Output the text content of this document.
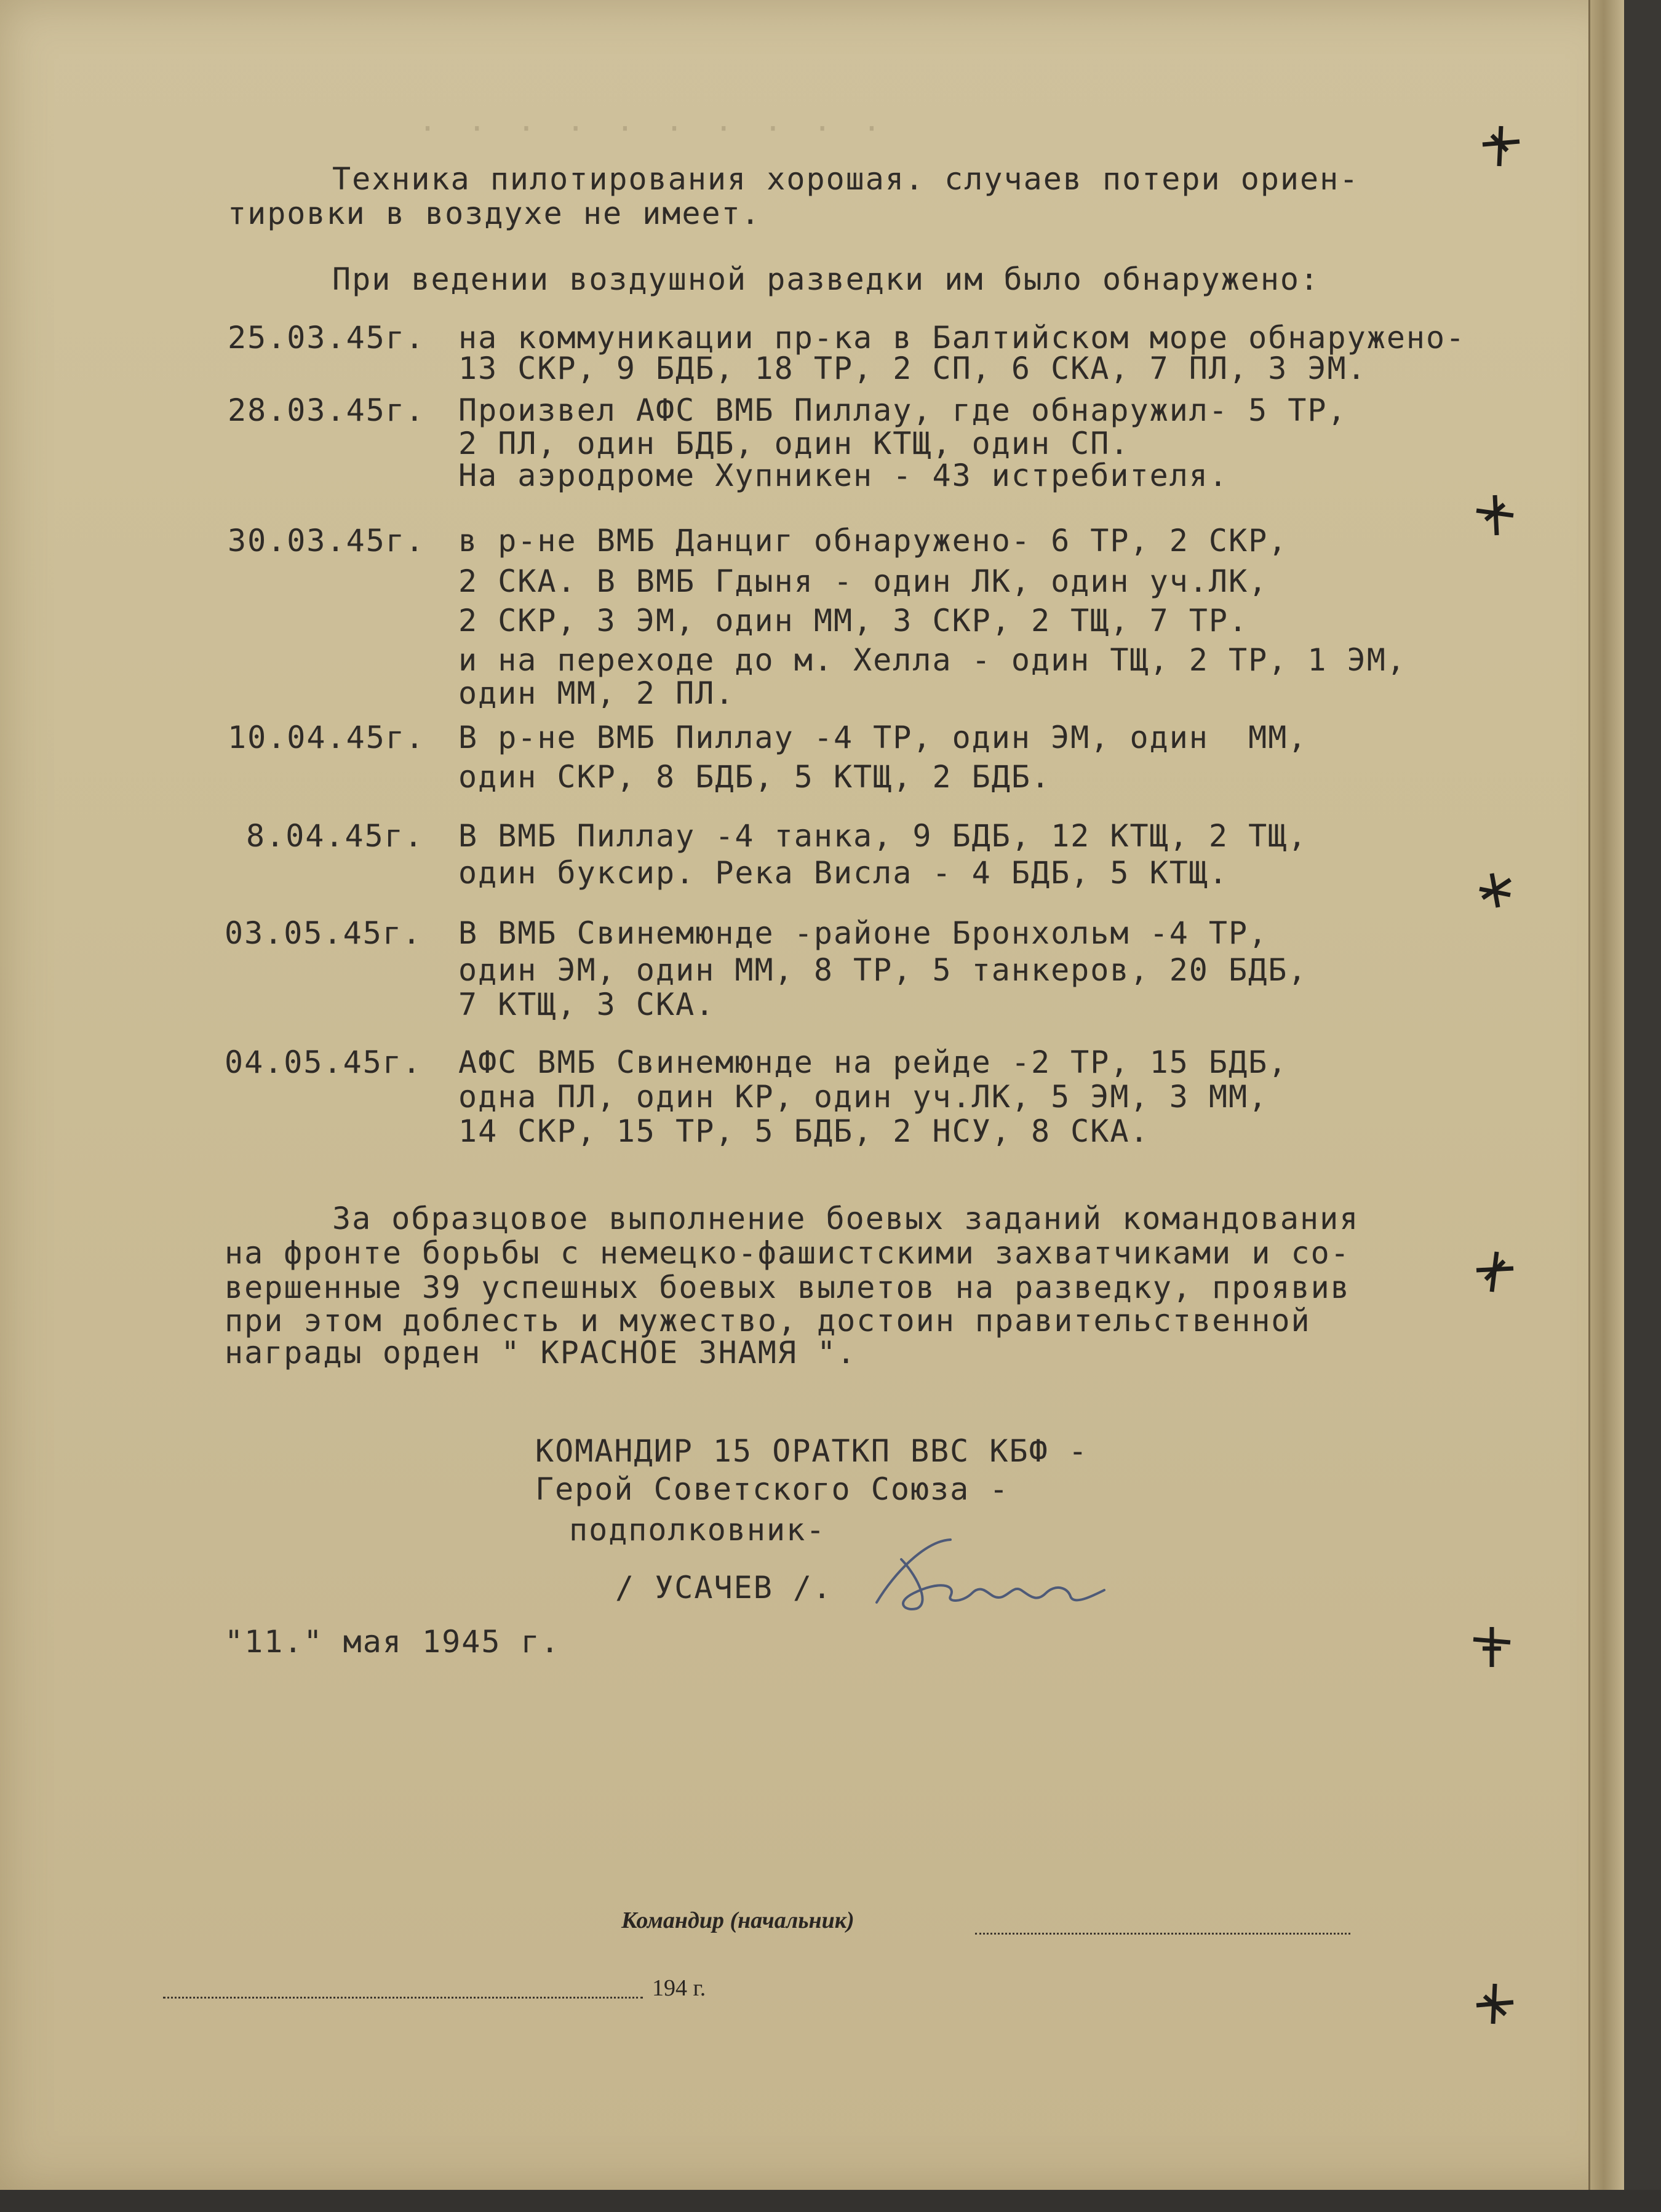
· · · · · · · · · ·
Техника пилотирования хорошая. случаев потери ориен-
тировки в воздухе не имеет.
При ведении воздушной разведки им было обнаружено:
25.03.45г. на коммуникации пр-ка в Балтийском море обнаружено-
13 СКР, 9 БДБ, 18 ТР, 2 СП, 6 СКА, 7 ПЛ, 3 ЭМ.
28.03.45г. Произвел АФС ВМБ Пиллау, где обнаружил- 5 ТР,
2 ПЛ, один БДБ, один КТЩ, один СП.
На аэродроме Хупникен - 43 истребителя.
30.03.45г. в р-не ВМБ Данциг обнаружено- 6 ТР, 2 СКР,
2 СКА. В ВМБ Гдыня - один ЛК, один уч.ЛК,
2 СКР, 3 ЭМ, один ММ, 3 СКР, 2 ТЩ, 7 ТР.
и на переходе до м. Хелла - один ТЩ, 2 ТР, 1 ЭМ,
один ММ, 2 ПЛ.
10.04.45г. В р-не ВМБ Пиллау -4 ТР, один ЭМ, один  ММ,
один СКР, 8 БДБ, 5 КТЩ, 2 БДБ.
8.04.45г. В ВМБ Пиллау -4 танка, 9 БДБ, 12 КТЩ, 2 ТЩ,
один буксир. Река Висла - 4 БДБ, 5 КТЩ.
03.05.45г. В ВМБ Свинемюнде -районе Бронхольм -4 ТР,
один ЭМ, один ММ, 8 ТР, 5 танкеров, 20 БДБ,
7 КТЩ, 3 СКА.
04.05.45г. АФС ВМБ Свинемюнде на рейде -2 ТР, 15 БДБ,
одна ПЛ, один КР, один уч.ЛК, 5 ЭМ, 3 ММ,
14 СКР, 15 ТР, 5 БДБ, 2 НСУ, 8 СКА.
За образцовое выполнение боевых заданий командования
на фронте борьбы с немецко-фашистскими захватчиками и со-
вершенные 39 успешных боевых вылетов на разведку, проявив
при этом доблесть и мужество, достоин правительственной
награды орден " КРАСНОЕ ЗНАМЯ ".
КОМАНДИР 15 ОРАТКП ВВС КБФ -
Герой Советского Союза -
подполковник-
/ УСАЧЕВ /.
"11." мая 1945 г.
Командир (начальник)
194 г.
